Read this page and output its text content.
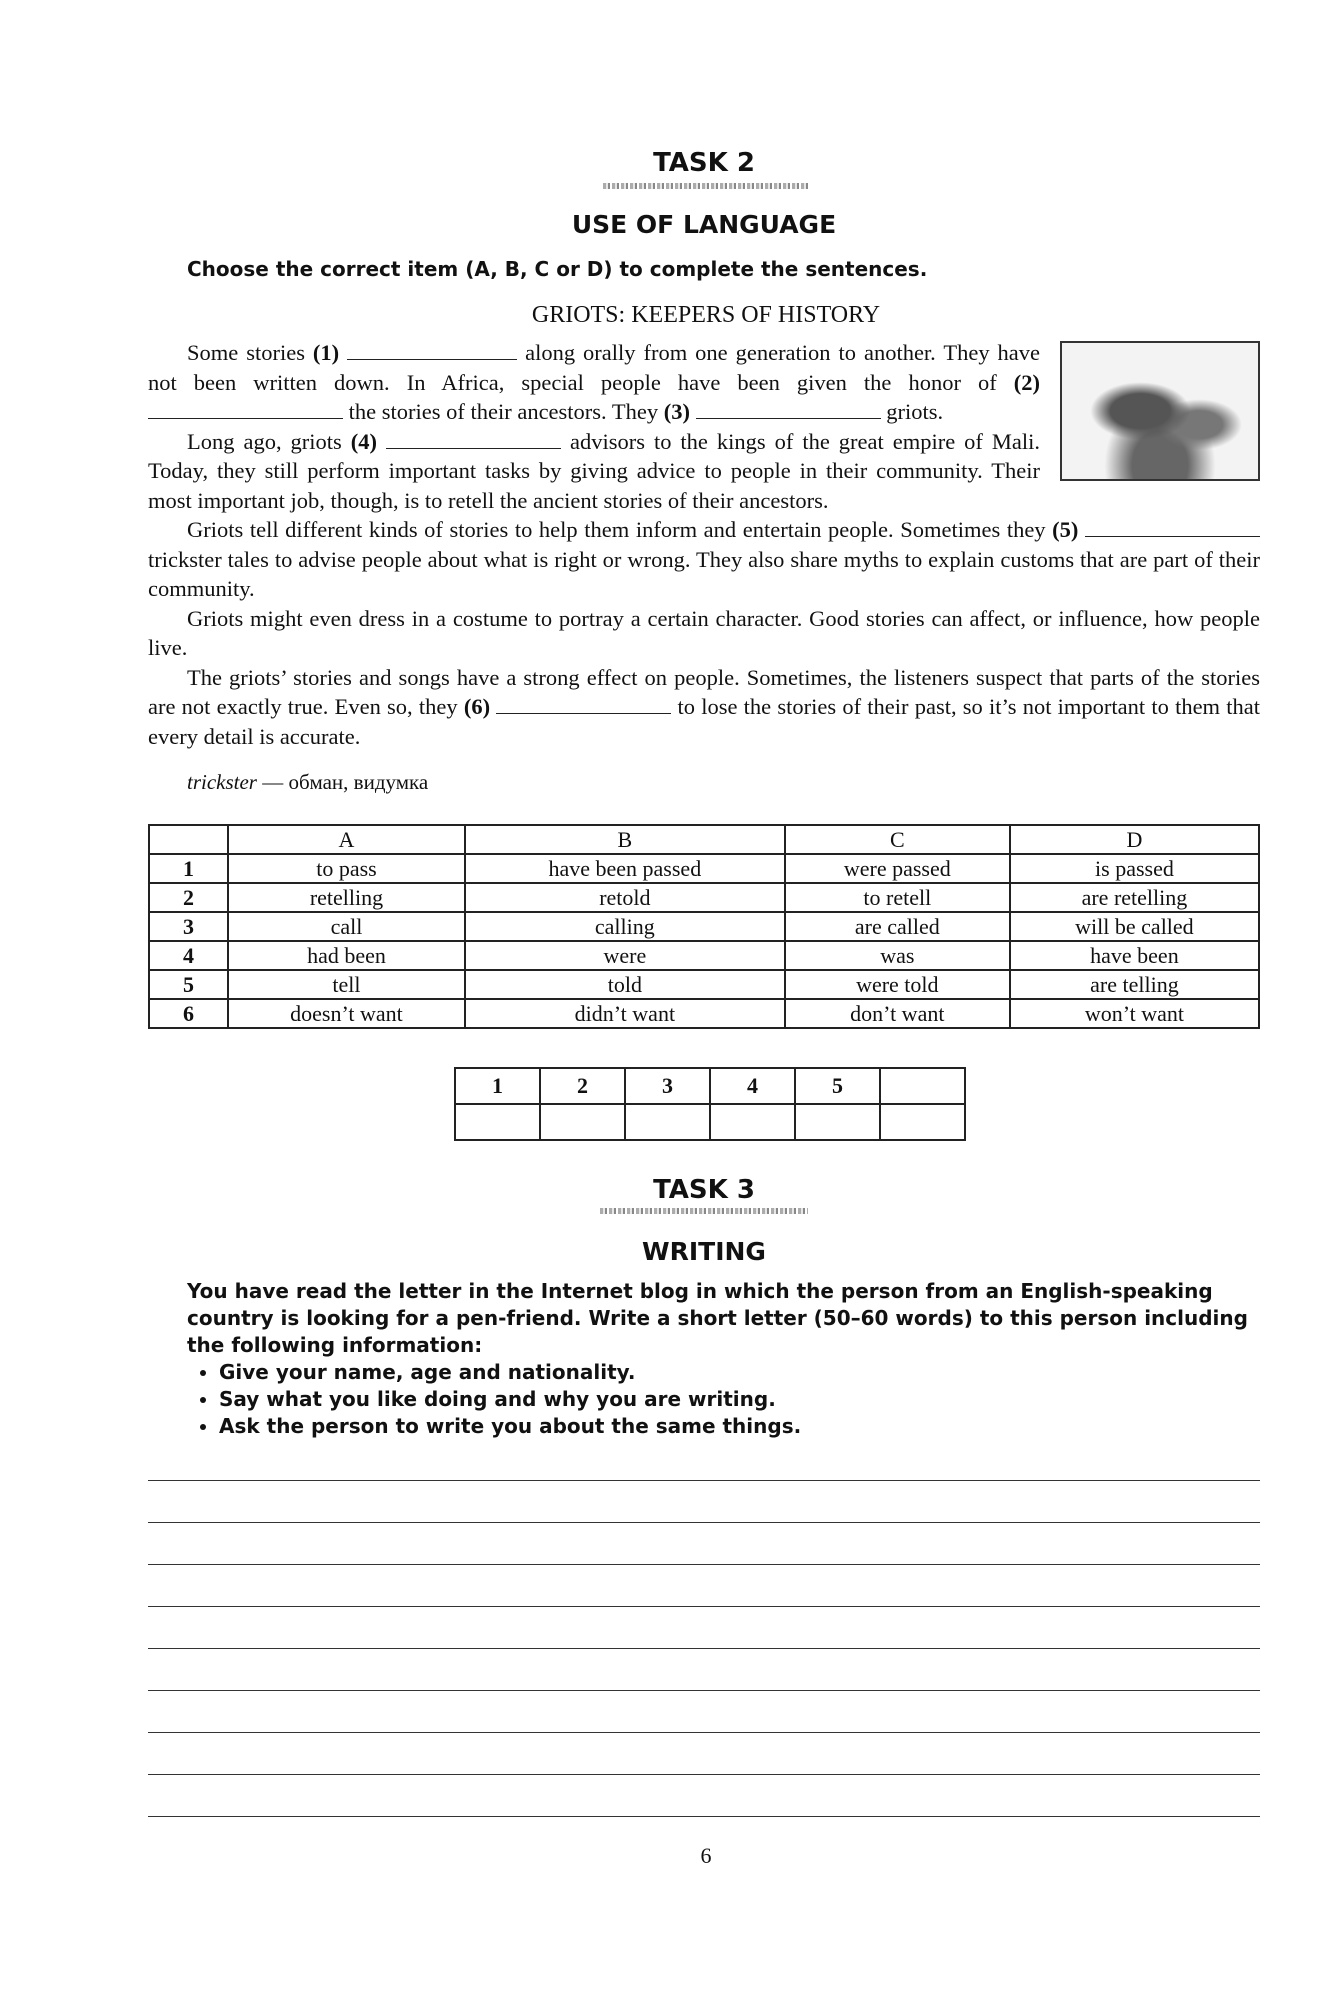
TASK 2
USE OF LANGUAGE
Choose the correct item (A, B, C or D) to complete the sentences.
GRIOTS: KEEPERS OF HISTORY

Some stories (1)	along orally from one generation to another. They have not been written down. In Africa, special people have been given the honor of (2)  the stories of their ancestors. They (3)	griots.

Long ago, griots (4)	advisors to the kings of the great empire of Mali. Today, they still perform important tasks by giving advice to people in their community. Their most important job, though, is to retell the ancient stories of their ancestors.

Griots tell different kinds of stories to help them inform and entertain people. Sometimes they (5)  trickster tales to advise people about what is right or wrong. They also share myths to explain customs that are part of their community.

Griots might even dress in a costume to portray a certain character. Good stories can affect, or influence, how people live.

The griots’ stories and songs have a strong effect on people. Sometimes, the listeners suspect that parts of the stories are not exactly true. Even so, they (6)	to lose the stories of their past, so it’s not important to them that every detail is accurate.

trickster — обман, видумка
	A	B	C	D
1	to pass	have been passed	were passed	is passed
2	retelling	retold	to retell	are retelling
3	call	calling	are called	will be called
4	had been	were	was	have been
5	tell	told	were told	are telling
6	doesn’t want	didn’t want	don’t want	won’t want
1	2	3	4	5	

TASK 3
WRITING
You have read the letter in the Internet blog in which the person from an English-speaking country is looking for a pen-friend. Write a short letter (50–60 words) to this person including the following information:
• Give your name, age and nationality.
• Say what you like doing and why you are writing.
• Ask the person to write you about the same things.
6
